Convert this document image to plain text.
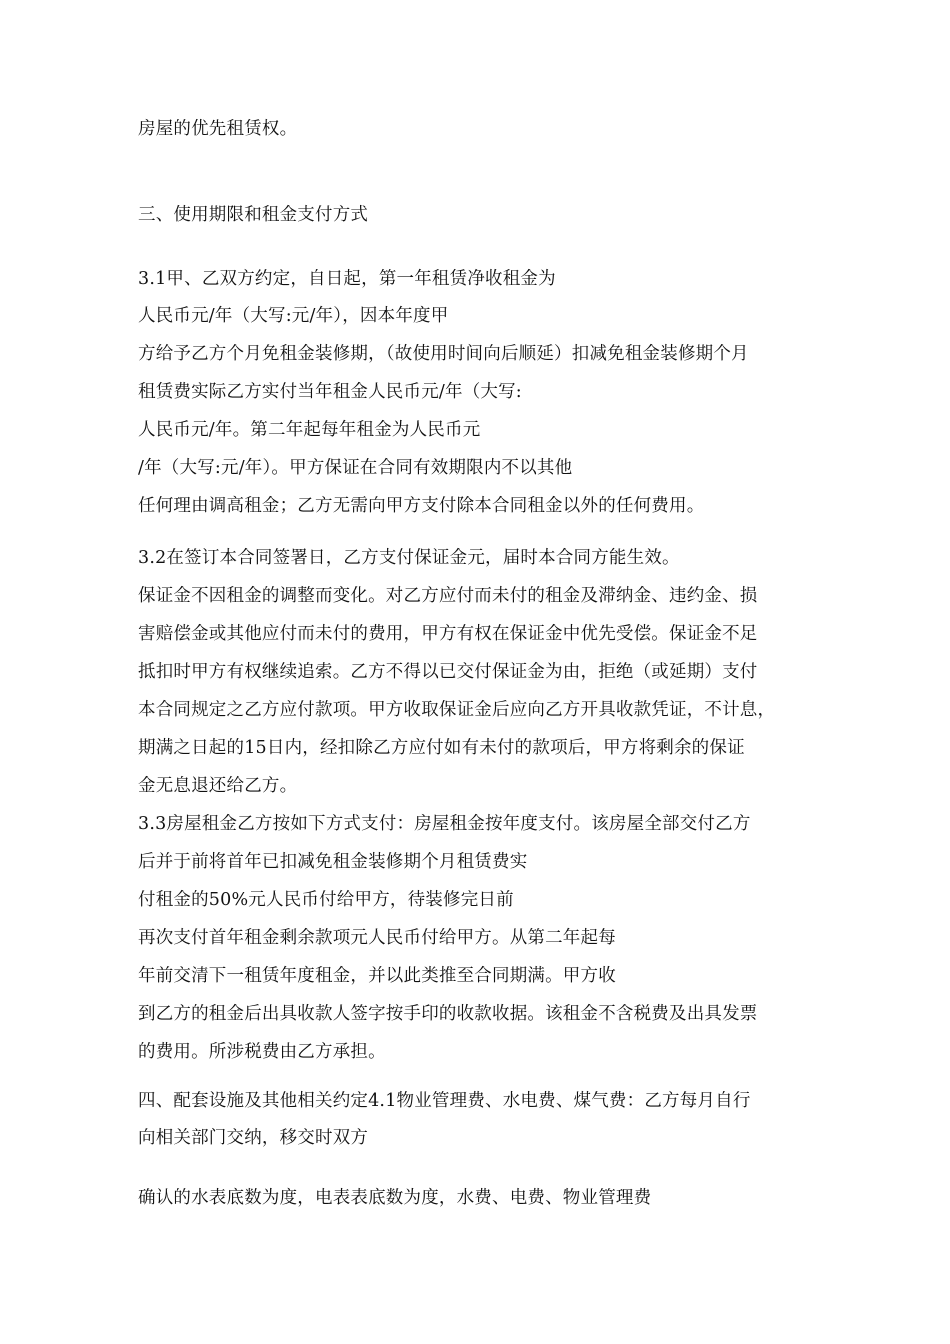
房屋的优先租赁权。
三、使用期限和租金支付方式
3.1甲、乙双方约定，自日起，第一年租赁净收租金为
人民币元/年（大写:元/年），因本年度甲
方给予乙方个月免租金装修期，（故使用时间向后顺延）扣减免租金装修期个月
租赁费实际乙方实付当年租金人民币元/年（大写:
人民币元/年。第二年起每年租金为人民币元
/年（大写:元/年）。甲方保证在合同有效期限内不以其他
任何理由调高租金；乙方无需向甲方支付除本合同租金以外的任何费用。
3.2在签订本合同签署日，乙方支付保证金元，届时本合同方能生效。
保证金不因租金的调整而变化。对乙方应付而未付的租金及滞纳金、违约金、损
害赔偿金或其他应付而未付的费用，甲方有权在保证金中优先受偿。保证金不足
抵扣时甲方有权继续追索。乙方不得以已交付保证金为由，拒绝（或延期）支付
本合同规定之乙方应付款项。甲方收取保证金后应向乙方开具收款凭证，不计息，
期满之日起的15日内，经扣除乙方应付如有未付的款项后，甲方将剩余的保证
金无息退还给乙方。
3.3房屋租金乙方按如下方式支付：房屋租金按年度支付。该房屋全部交付乙方
后并于前将首年已扣减免租金装修期个月租赁费实
付租金的50%元人民币付给甲方，待装修完日前
再次支付首年租金剩余款项元人民币付给甲方。从第二年起每
年前交清下一租赁年度租金，并以此类推至合同期满。甲方收
到乙方的租金后出具收款人签字按手印的收款收据。该租金不含税费及出具发票
的费用。所涉税费由乙方承担。
四、配套设施及其他相关约定4.1物业管理费、水电费、煤气费：乙方每月自行
向相关部门交纳，移交时双方
确认的水表底数为度，电表表底数为度，水费、电费、物业管理费
